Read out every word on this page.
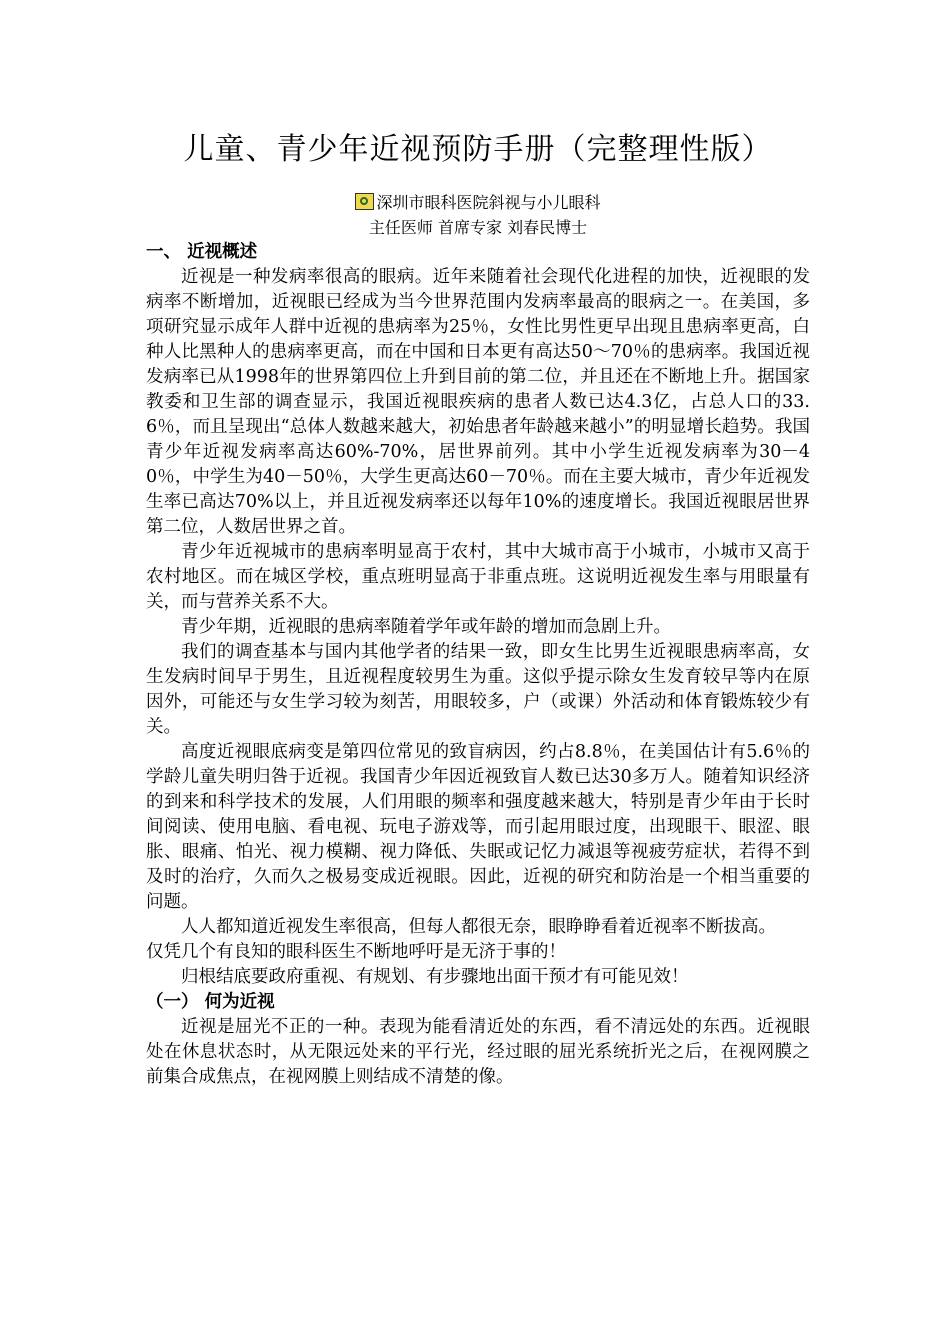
儿童、青少年近视预防手册（完整理性版）

深圳市眼科医院斜视与小儿眼科

主任医师 首席专家 刘春民博士

一、 近视概述

近视是一种发病率很高的眼病。近年来随着社会现代化进程的加快，近视眼的发病率不断增加，近视眼已经成为当今世界范围内发病率最高的眼病之一。在美国，多项研究显示成年人群中近视的患病率为25％，女性比男性更早出现且患病率更高，白种人比黑种人的患病率更高，而在中国和日本更有高达50～70％的患病率。我国近视发病率已从1998年的世界第四位上升到目前的第二位，并且还在不断地上升。据国家教委和卫生部的调查显示，我国近视眼疾病的患者人数已达4.3亿，占总人口的33.6％，而且呈现出“总体人数越来越大，初始患者年龄越来越小”的明显增长趋势。我国青少年近视发病率高达60%-70%，居世界前列。其中小学生近视发病率为30－40％，中学生为40－50％，大学生更高达60－70％。而在主要大城市，青少年近视发生率已高达70%以上，并且近视发病率还以每年10%的速度增长。我国近视眼居世界第二位，人数居世界之首。

青少年近视城市的患病率明显高于农村，其中大城市高于小城市，小城市又高于农村地区。而在城区学校，重点班明显高于非重点班。这说明近视发生率与用眼量有关，而与营养关系不大。

青少年期，近视眼的患病率随着学年或年龄的增加而急剧上升。

我们的调查基本与国内其他学者的结果一致，即女生比男生近视眼患病率高，女生发病时间早于男生，且近视程度较男生为重。这似乎提示除女生发育较早等内在原因外，可能还与女生学习较为刻苦，用眼较多，户（或课）外活动和体育锻炼较少有关。

高度近视眼底病变是第四位常见的致盲病因，约占8.8％，在美国估计有5.6％的学龄儿童失明归咎于近视。我国青少年因近视致盲人数已达30多万人。随着知识经济的到来和科学技术的发展，人们用眼的频率和强度越来越大，特别是青少年由于长时间阅读、使用电脑、看电视、玩电子游戏等，而引起用眼过度，出现眼干、眼涩、眼胀、眼痛、怕光、视力模糊、视力降低、失眠或记忆力减退等视疲劳症状，若得不到及时的治疗，久而久之极易变成近视眼。因此，近视的研究和防治是一个相当重要的问题。

人人都知道近视发生率很高，但每人都很无奈，眼睁睁看着近视率不断拔高。

仅凭几个有良知的眼科医生不断地呼吁是无济于事的！

归根结底要政府重视、有规划、有步骤地出面干预才有可能见效！

（一） 何为近视

近视是屈光不正的一种。表现为能看清近处的东西，看不清远处的东西。近视眼处在休息状态时，从无限远处来的平行光，经过眼的屈光系统折光之后，在视网膜之前集合成焦点，在视网膜上则结成不清楚的像。
